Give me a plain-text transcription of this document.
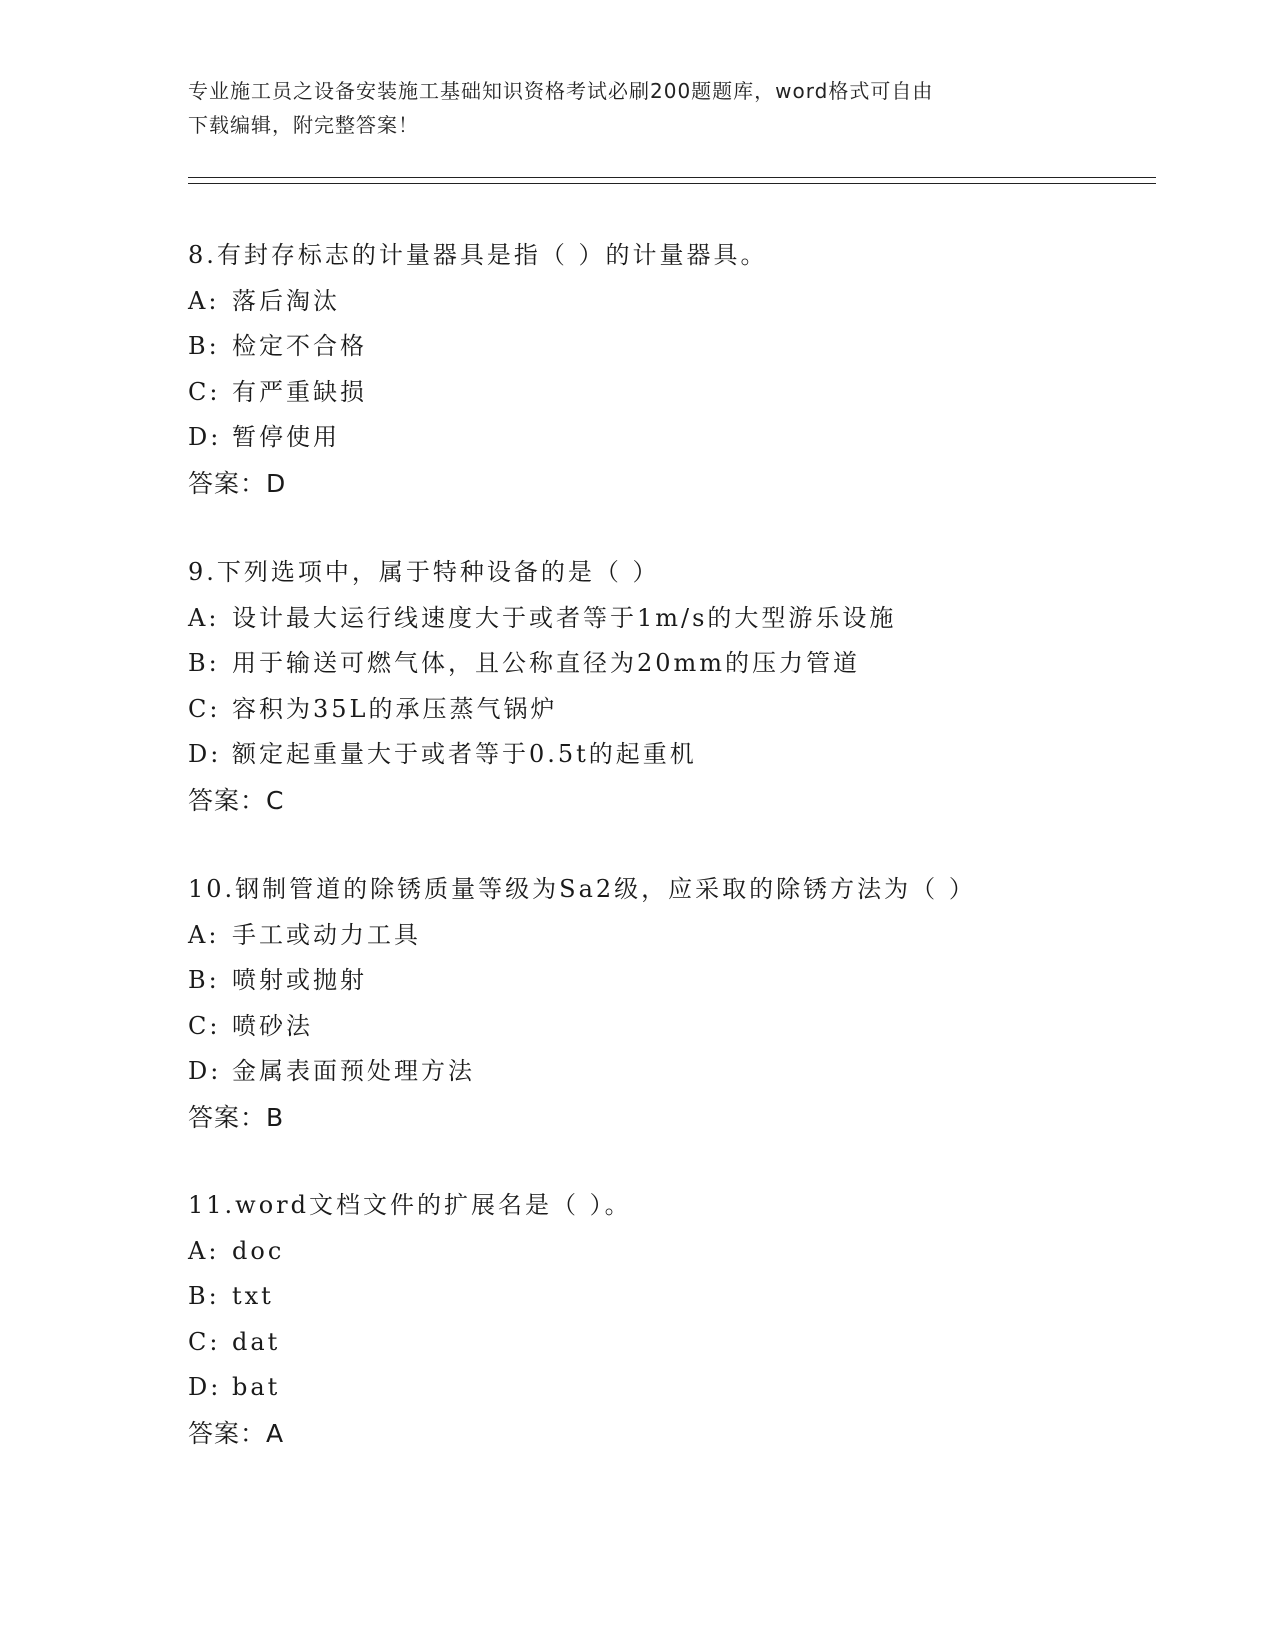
专业施工员之设备安装施工基础知识资格考试必刷200题题库，word格式可自由
下载编辑，附完整答案！
8.有封存标志的计量器具是指（ ）的计量器具。
A: 落后淘汰
B: 检定不合格
C: 有严重缺损
D: 暂停使用
答案：D
9.下列选项中，属于特种设备的是（ ）
A: 设计最大运行线速度大于或者等于1m/s的大型游乐设施
B: 用于输送可燃气体，且公称直径为20mm的压力管道
C: 容积为35L的承压蒸气锅炉
D: 额定起重量大于或者等于0.5t的起重机
答案：C
10.钢制管道的除锈质量等级为Sa2级，应采取的除锈方法为（ ）
A: 手工或动力工具
B: 喷射或抛射
C: 喷砂法
D: 金属表面预处理方法
答案：B
11.word文档文件的扩展名是（ ）。
A: doc
B: txt
C: dat
D: bat
答案：A
